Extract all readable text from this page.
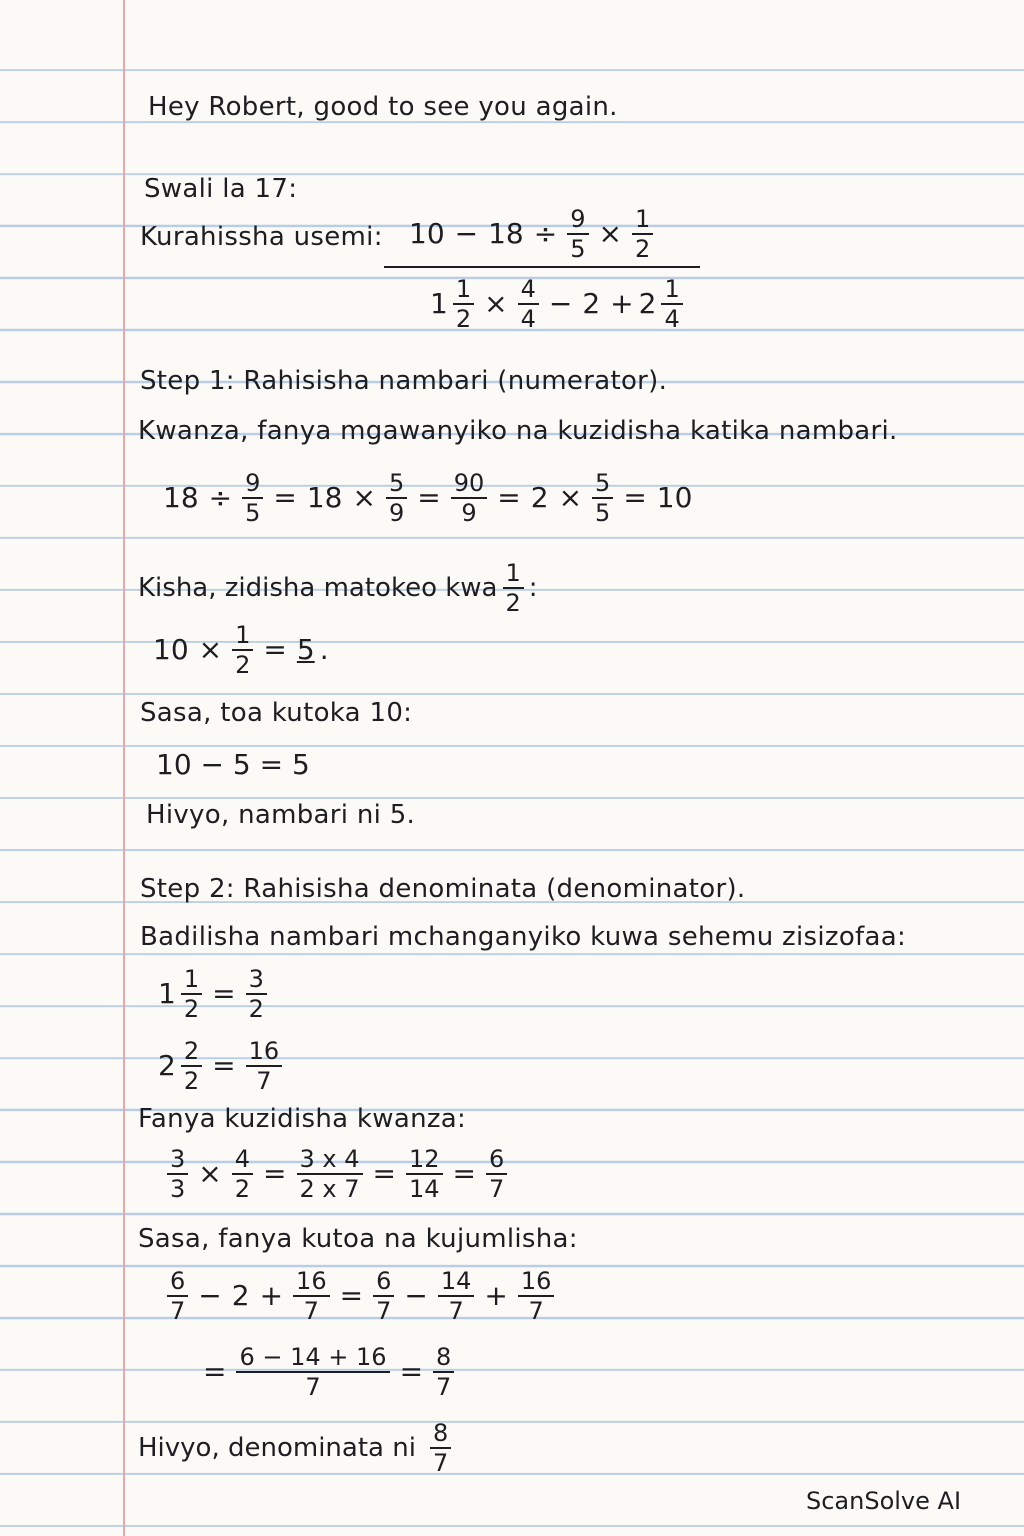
Hey Robert, good to see you again.
Swali la 17:
Kurahissha usemi: $10 - 18 \div \frac{9}{5} \times \frac{1}{2}$
$1 \frac{1}{2} \times \frac{4}{4} - 2 + 2 \frac{1}{4}$
Step 1: Rahisisha nambari (numerator).
Kwanza, fanya mgawanyiko na kuzidisha katika nambari.
$18 \div \frac{9}{5} = 18 \times \frac{5}{9} = \frac{90}{9} = 2 \times \frac{5}{5} = 10$
Kisha, zidisha matokeo kwa $\frac{1}{2}$ :
$10 \times \frac{1}{2} = 5$ .
Sasa, toa kutoka 10:
10 − 5 = 5
Hivyo, nambari ni 5.
Step 2: Rahisisha denominata (denominator).
Badilisha nambari mchanganyiko kuwa sehemu zisizofaa:
$1 \frac{1}{2} = \frac{3}{2}$
$2 \frac{2}{2} = \frac{16}{7}$
Fanya kuzidisha kwanza:
$\frac{3}{3} \times \frac{4}{2} = \frac{3 x 4}{2 x 7} = \frac{12}{14} = \frac{6}{7}$
Sasa, fanya kutoa na kujumlisha:
$\frac{6}{7} - 2 + \frac{16}{7} = \frac{6}{7} - \frac{14}{7} + \frac{16}{7}$
= $\frac{6 - 14 + 16}{7} = \frac{8}{7}$
Hivyo, denominata ni $\frac{8}{7}$
ScanSolve AI
